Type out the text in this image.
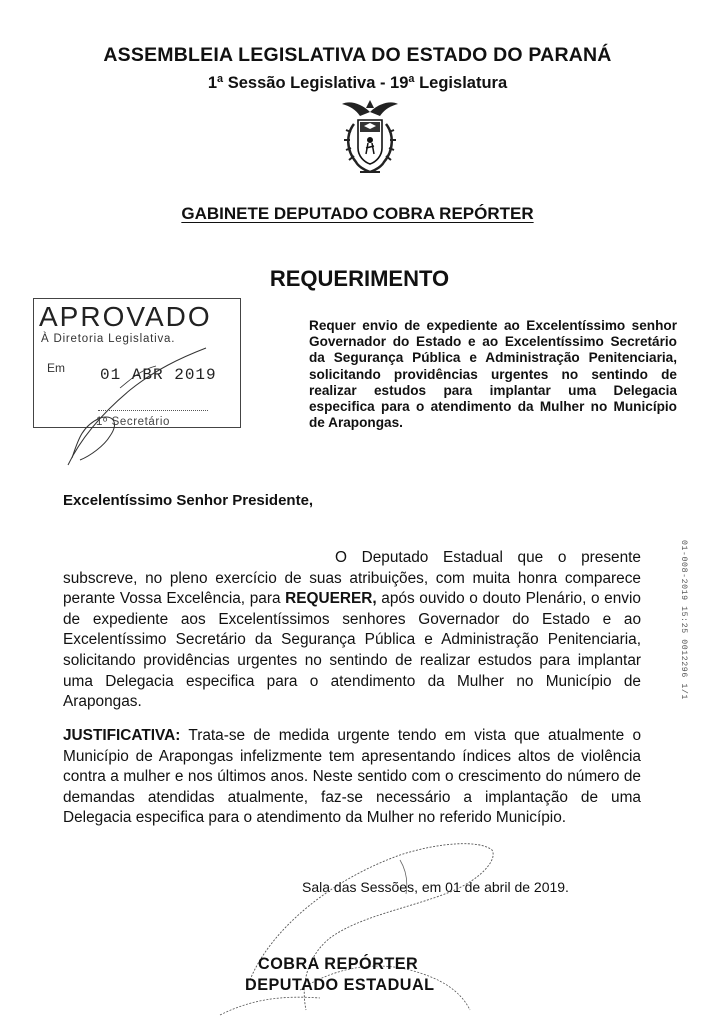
ASSEMBLEIA LEGISLATIVA DO ESTADO DO PARANÁ
1ª Sessão Legislativa - 19ª Legislatura
GABINETE DEPUTADO COBRA REPÓRTER
REQUERIMENTO
APROVADO
À Diretoria Legislativa.
Em 01 ABR 2019
1º Secretário
Requer envio de expediente ao Excelentíssimo senhor Governador do Estado e ao Excelentíssimo Secretário da Segurança Pública e Administração Penitenciaria, solicitando providências urgentes no sentindo de realizar estudos para implantar uma Delegacia especifica para o atendimento da Mulher no Município de Arapongas.
Excelentíssimo Senhor Presidente,
O Deputado Estadual que o presente subscreve, no pleno exercício de suas atribuições, com muita honra comparece perante Vossa Excelência, para REQUERER, após ouvido o douto Plenário, o envio de expediente aos Excelentíssimos senhores Governador do Estado e ao Excelentíssimo Secretário da Segurança Pública e Administração Penitenciaria, solicitando providências urgentes no sentindo de realizar estudos para implantar uma Delegacia especifica para o atendimento da Mulher no Município de Arapongas.
JUSTIFICATIVA: Trata-se de medida urgente tendo em vista que atualmente o Município de Arapongas infelizmente tem apresentando índices altos de violência contra a mulher e nos últimos anos. Neste sentido com o crescimento do número de demandas atendidas atualmente, faz-se necessário a implantação de uma Delegacia especifica para o atendimento da Mulher no referido Município.
Sala das Sessões, em 01 de abril de 2019.
COBRA REPÓRTER
DEPUTADO ESTADUAL
01-008-2019 15:25 0012296 1/1
